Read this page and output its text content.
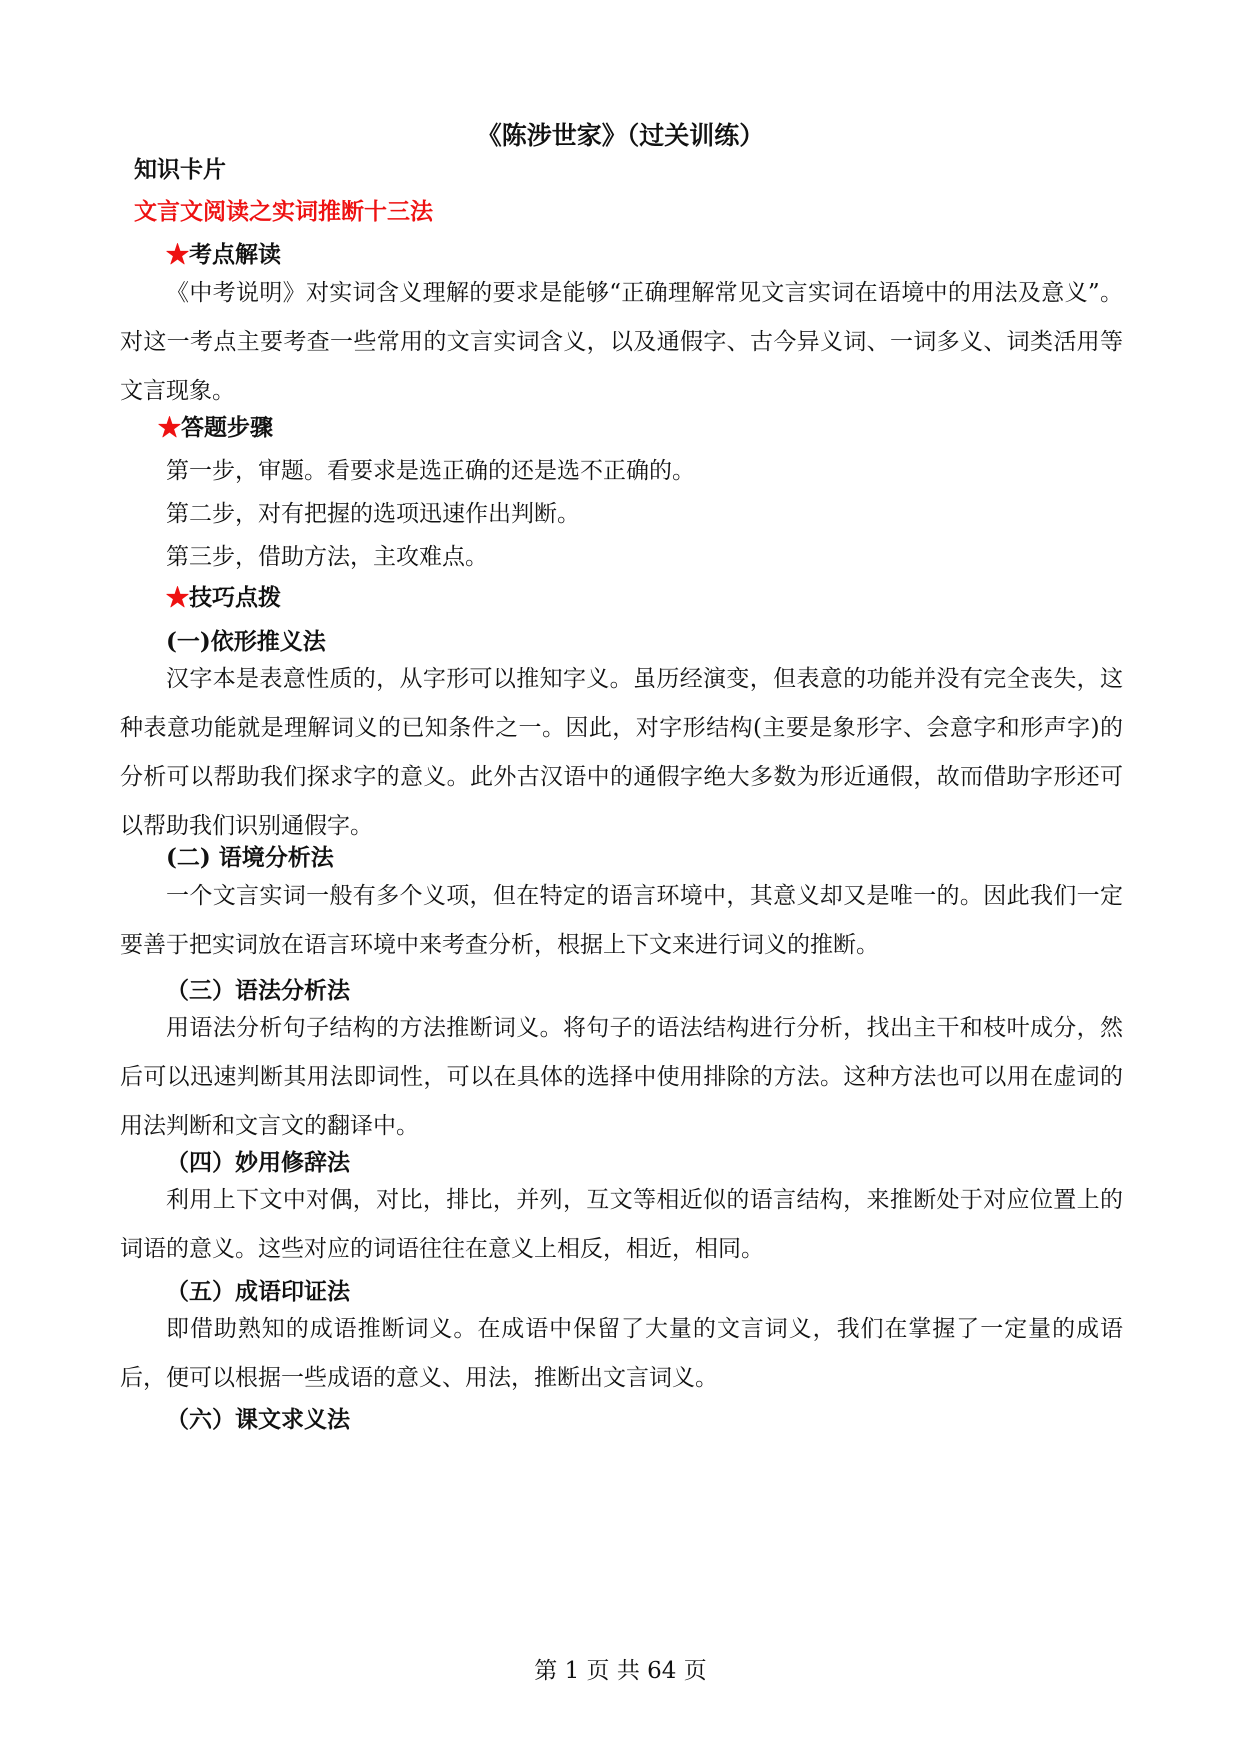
《陈涉世家》（过关训练）
知识卡片
文言文阅读之实词推断十三法
★考点解读
《中考说明》对实词含义理解的要求是能够“正确理解常见文言实词在语境中的用法及意义”。对这一考点主要考查一些常用的文言实词含义，以及通假字、古今异义词、一词多义、词类活用等文言现象。
★答题步骤
第一步，审题。看要求是选正确的还是选不正确的。
第二步，对有把握的选项迅速作出判断。
第三步，借助方法，主攻难点。
★技巧点拨
(一)依形推义法
汉字本是表意性质的，从字形可以推知字义。虽历经演变，但表意的功能并没有完全丧失，这种表意功能就是理解词义的已知条件之一。因此，对字形结构(主要是象形字、会意字和形声字)的分析可以帮助我们探求字的意义。此外古汉语中的通假字绝大多数为形近通假，故而借助字形还可以帮助我们识别通假字。
(二) 语境分析法
一个文言实词一般有多个义项，但在特定的语言环境中，其意义却又是唯一的。因此我们一定要善于把实词放在语言环境中来考查分析，根据上下文来进行词义的推断。
（三）语法分析法
用语法分析句子结构的方法推断词义。将句子的语法结构进行分析，找出主干和枝叶成分，然后可以迅速判断其用法即词性，可以在具体的选择中使用排除的方法。这种方法也可以用在虚词的用法判断和文言文的翻译中。
（四）妙用修辞法
利用上下文中对偶，对比，排比，并列，互文等相近似的语言结构，来推断处于对应位置上的词语的意义。这些对应的词语往往在意义上相反，相近，相同。
（五）成语印证法
即借助熟知的成语推断词义。在成语中保留了大量的文言词义，我们在掌握了一定量的成语后，便可以根据一些成语的意义、用法，推断出文言词义。
（六）课文求义法
第 1 页 共 64 页
